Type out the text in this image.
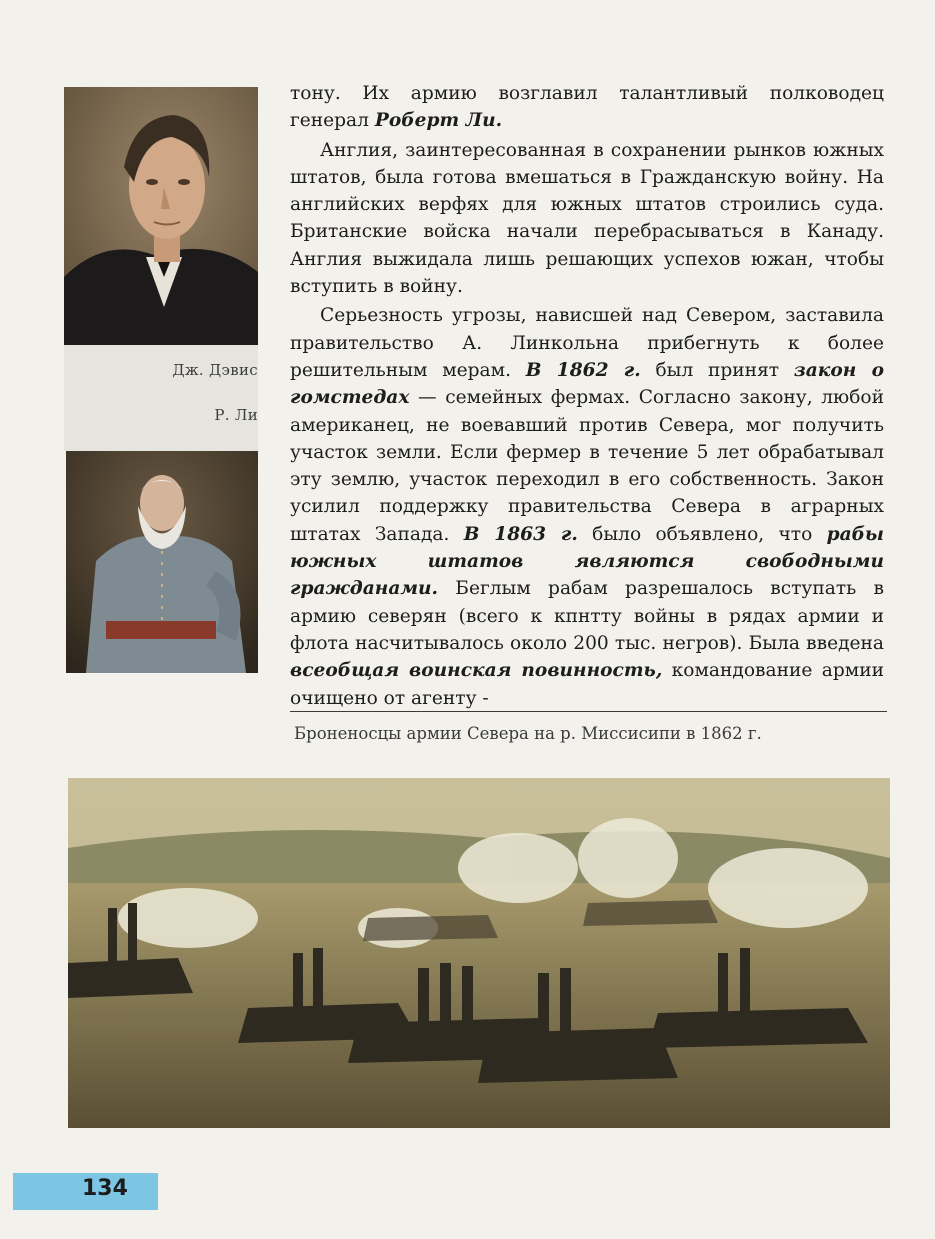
Дж. Дэвис
Р. Ли

тону. Их армию возглавил талантливый полководец генерал Роберт Ли.

Англия, заинтересованная в сохранении рынков южных штатов, была готова вмешаться в Гражданскую войну. На английских верфях для южных штатов строились суда. Британские войска начали перебрасываться в Канаду. Англия выжидала лишь решающих успехов южан, чтобы вступить в войну.

Серьезность угрозы, нависшей над Севером, заставила правительство А. Линкольна прибегнуть к более решительным мерам. В 1862 г. был принят закон о гомстедах — семейных фермах. Согласно закону, любой американец, не воевавший против Севера, мог получить участок земли. Если фермер в течение 5 лет обрабатывал эту землю, участок переходил в его собственность. Закон усилил поддержку правительства Севера в аграрных штатах Запада. В 1863 г. было объявлено, что рабы южных штатов являются свободными гражданами. Беглым рабам разрешалось вступать в армию северян (всего к кпнтту войны в рядах армии и флота насчитывалось около 200 тыс. негров). Была введена всеобщая воинская повинность, командование армии очищено от агенту -

Броненосцы армии Севера на р. Миссисипи в 1862 г.
134
